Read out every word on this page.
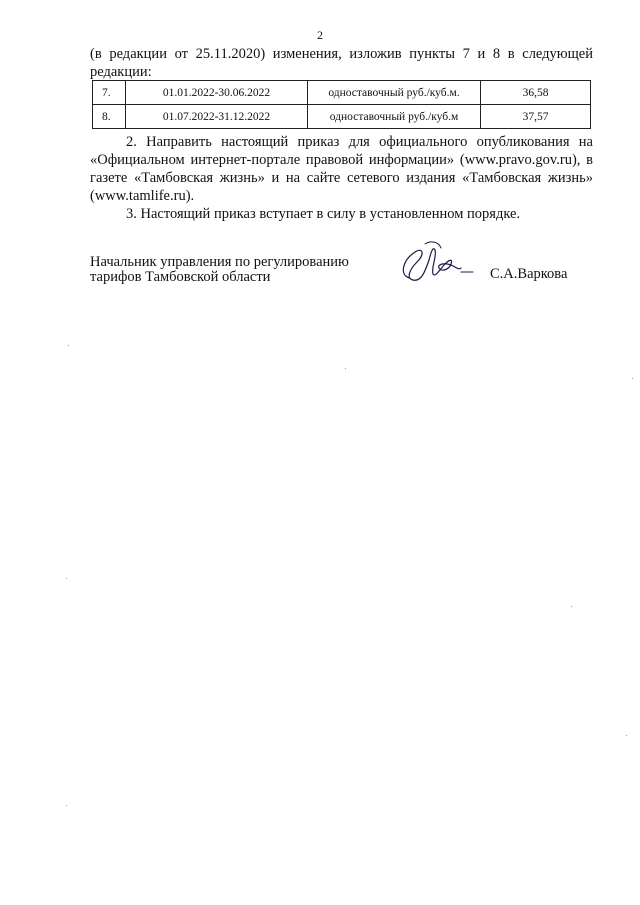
2
(в редакции от 25.11.2020) изменения, изложив пункты 7 и 8 в следующей
редакции:
7.	01.01.2022-30.06.2022	одноставочный руб./куб.м.	36,58
8.	01.07.2022-31.12.2022	одноставочный руб./куб.м	37,57
2. Направить настоящий приказ для официального опубликования на «Официальном интернет-портале правовой информации» (www.pravo.gov.ru), в газете «Тамбовская жизнь» и на сайте сетевого издания «Тамбовская жизнь» (www.tamlife.ru).
3. Настоящий приказ вступает в силу в установленном порядке.
Начальник управления по регулированию
тарифов Тамбовской области	С.А.Варкова
